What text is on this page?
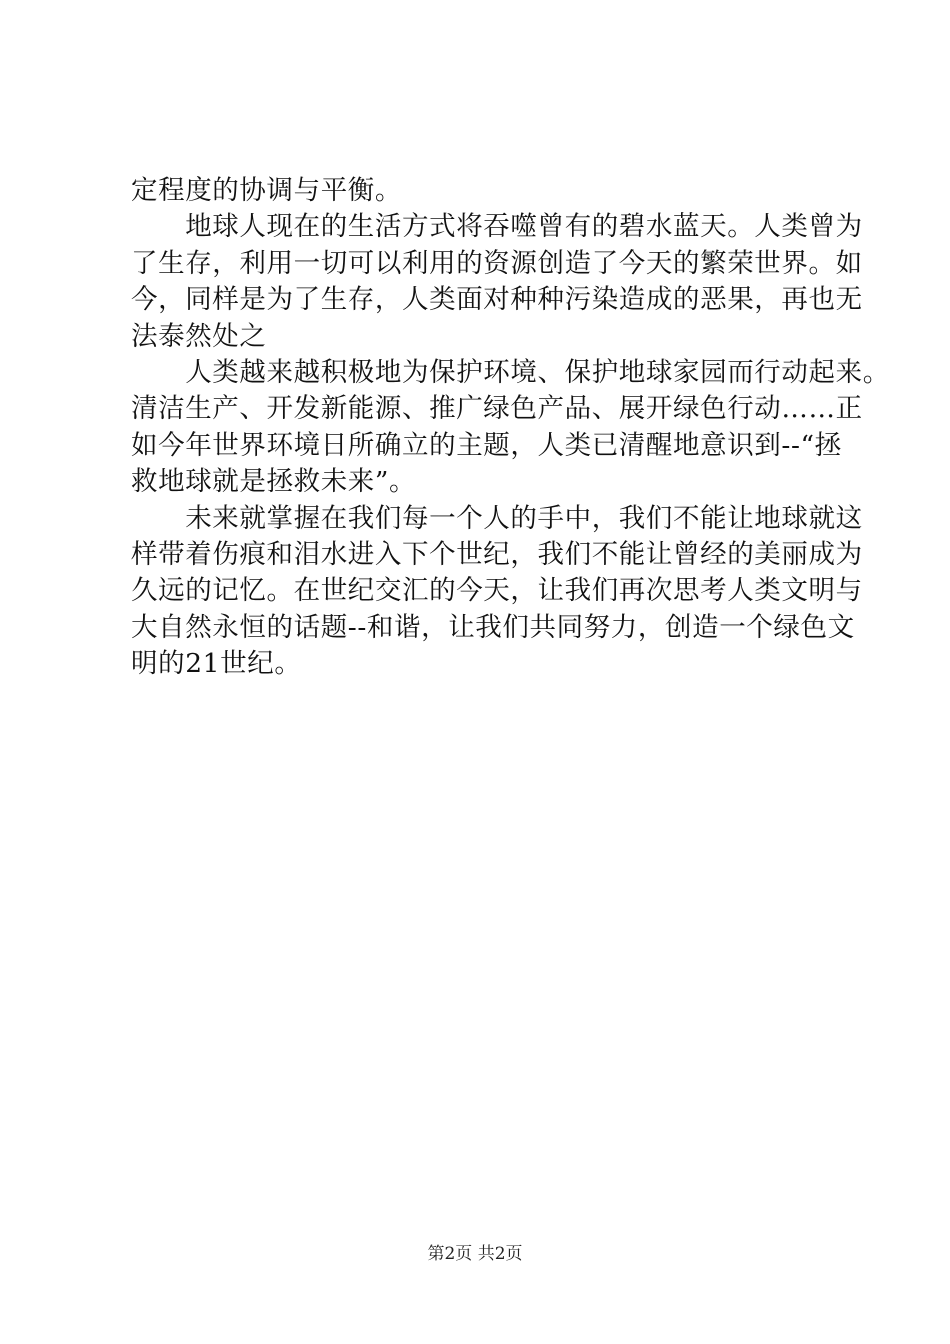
定程度的协调与平衡。
　　地球人现在的生活方式将吞噬曾有的碧水蓝天。人类曾为
了生存，利用一切可以利用的资源创造了今天的繁荣世界。如
今，同样是为了生存，人类面对种种污染造成的恶果，再也无
法泰然处之
　　人类越来越积极地为保护环境、保护地球家园而行动起来。
清洁生产、开发新能源、推广绿色产品、展开绿色行动……正
如今年世界环境日所确立的主题，人类已清醒地意识到--“拯
救地球就是拯救未来”。
　　未来就掌握在我们每一个人的手中，我们不能让地球就这
样带着伤痕和泪水进入下个世纪，我们不能让曾经的美丽成为
久远的记忆。在世纪交汇的今天，让我们再次思考人类文明与
大自然永恒的话题--和谐，让我们共同努力，创造一个绿色文
明的21世纪。
第2页 共2页
